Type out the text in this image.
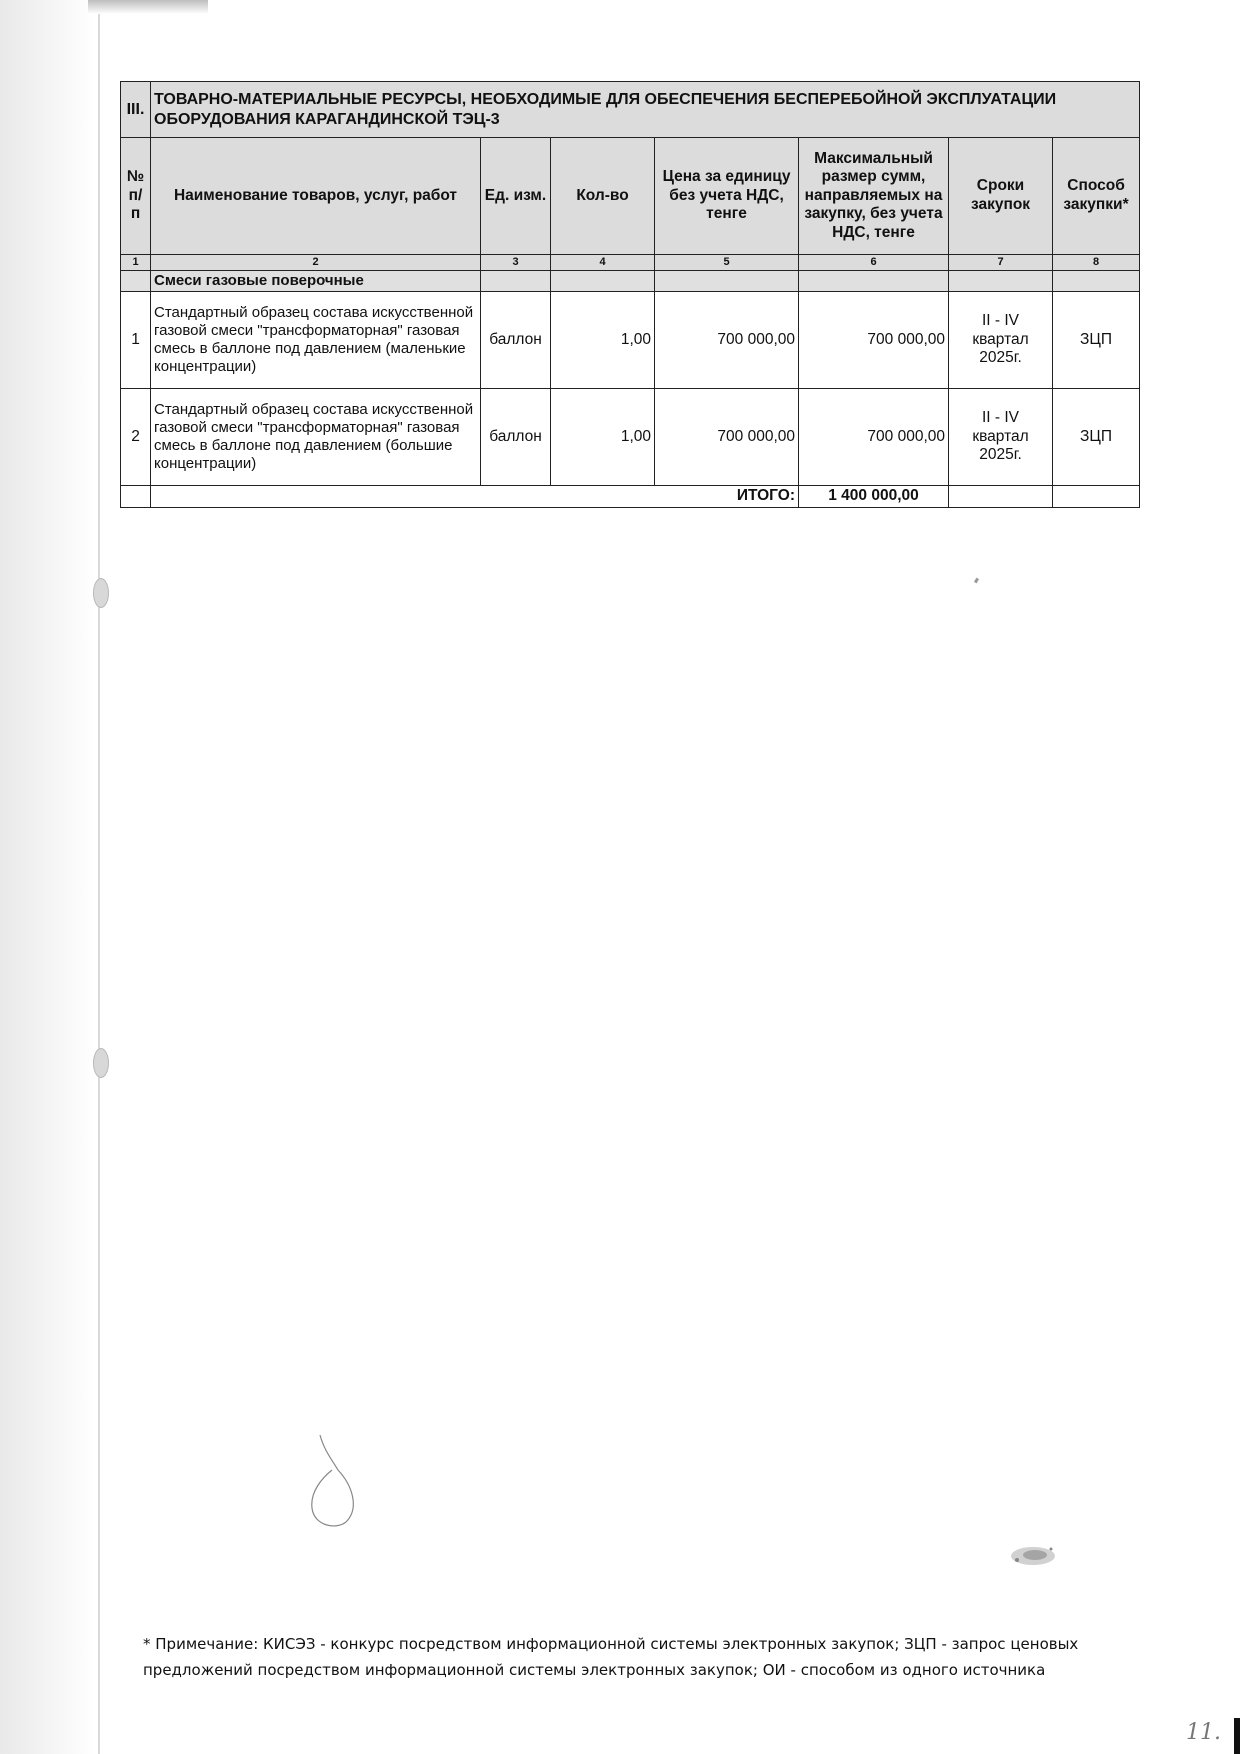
III.	ТОВАРНО-МАТЕРИАЛЬНЫЕ РЕСУРСЫ, НЕОБХОДИМЫЕ ДЛЯ ОБЕСПЕЧЕНИЯ БЕСПЕРЕБОЙНОЙ ЭКСПЛУАТАЦИИ ОБОРУДОВАНИЯ КАРАГАНДИНСКОЙ ТЭЦ-3						
№ п/п	Наименование товаров, услуг, работ	Ед. изм.	Кол-во	Цена за единицу без учета НДС, тенге	Максимальный размер сумм, направляемых на закупку, без учета НДС, тенге	Сроки закупок	Способ закупки*
1	2	3	4	5	6	7	8
	Смеси газовые поверочные						
1	Стандартный образец состава искусственной газовой смеси "трансформаторная" газовая смесь в баллоне под давлением (маленькие концентрации)	баллон	1,00	700 000,00	700 000,00	II - IV квартал 2025г.	ЗЦП
2	Стандартный образец состава искусственной газовой смеси "трансформаторная" газовая смесь в баллоне под давлением (большие концентрации)	баллон	1,00	700 000,00	700 000,00	II - IV квартал 2025г.	ЗЦП
	ИТОГО:				1 400 000,00		
* Примечание: КИСЭЗ - конкурс посредством информационной системы электронных закупок; ЗЦП - запрос ценовых предложений посредством информационной системы электронных закупок; ОИ - способом из одного источника
11.
